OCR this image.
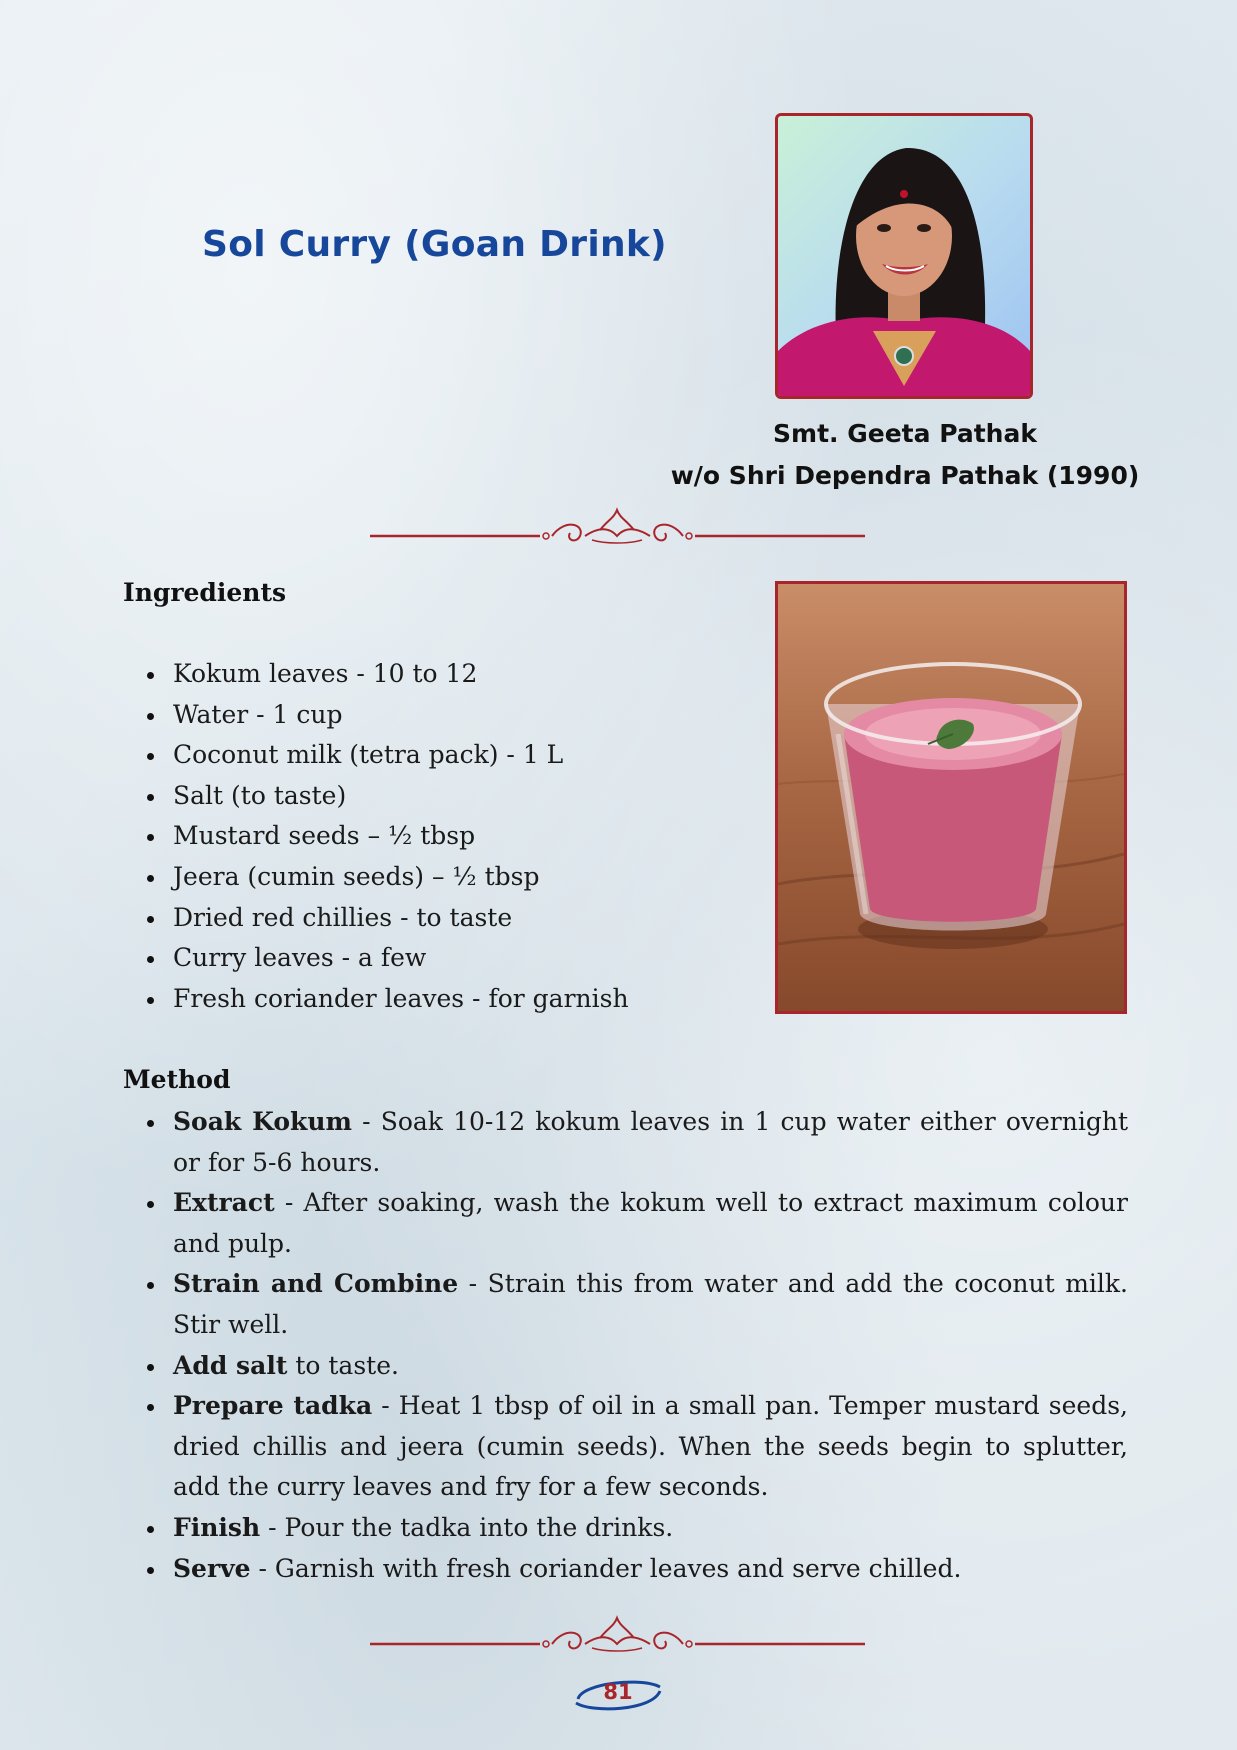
Sol Curry (Goan Drink)
Smt. Geeta Pathak
w/o Shri Dependra Pathak (1990)
Ingredients
Kokum leaves - 10 to 12
Water - 1 cup
Coconut milk (tetra pack) - 1 L
Salt (to taste)
Mustard seeds – ½ tbsp
Jeera (cumin seeds) – ½ tbsp
Dried red chillies - to taste
Curry leaves - a few
Fresh coriander leaves - for garnish
Method
Soak Kokum - Soak 10-12 kokum leaves in 1 cup water either overnight or for 5-6 hours.
Extract - After soaking, wash the kokum well to extract maximum colour and pulp.
Strain and Combine - Strain this from water and add the coconut milk. Stir well.
Add salt to taste.
Prepare tadka - Heat 1 tbsp of oil in a small pan. Temper mustard seeds, dried chillis and jeera (cumin seeds). When the seeds begin to splutter, add the curry leaves and fry for a few seconds.
Finish - Pour the tadka into the drinks.
Serve - Garnish with fresh coriander leaves and serve chilled.
81
